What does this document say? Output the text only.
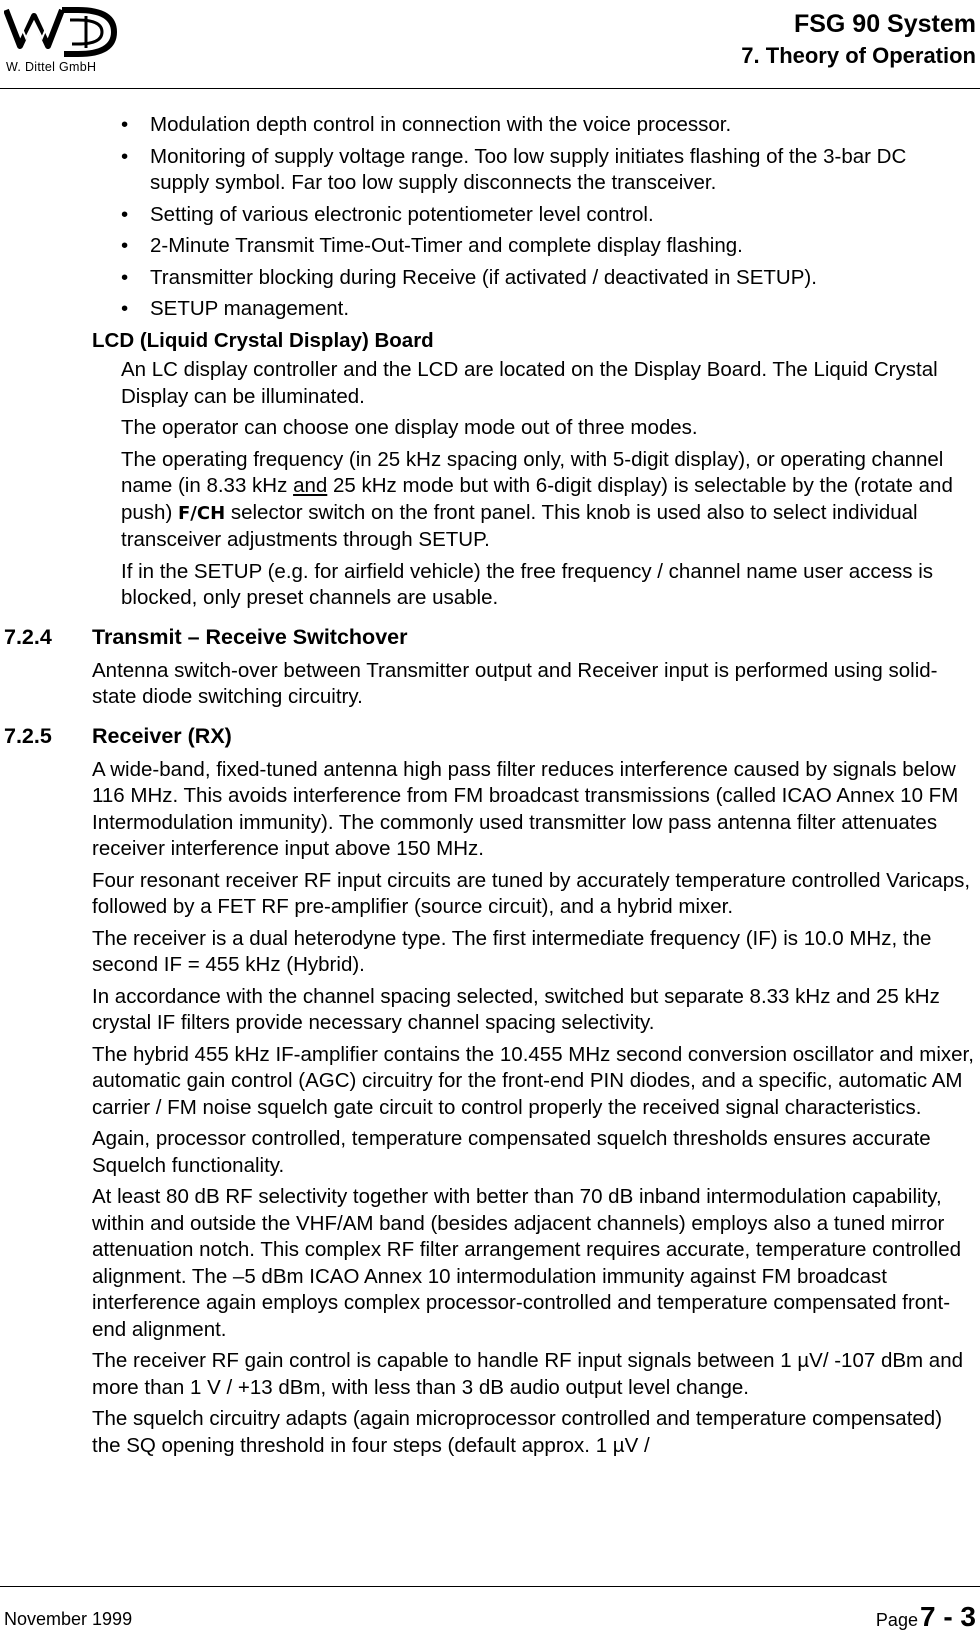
W. Dittel GmbH
FSG 90 System
7. Theory of Operation
• Modulation depth control in connection with the voice processor.
• Monitoring of supply voltage range. Too low supply initiates flashing of the 3-bar DC supply symbol. Far too low supply disconnects the transceiver.
• Setting of various electronic potentiometer level control.
• 2-Minute Transmit Time-Out-Timer and complete display flashing.
• Transmitter blocking during Receive (if activated / deactivated in SETUP).
• SETUP management.
LCD (Liquid Crystal Display) Board

An LC display controller and the LCD are located on the Display Board. The Liquid Crystal Display can be illuminated.

The operator can choose one display mode out of three modes.

The operating frequency (in 25 kHz spacing only, with 5-digit display), or operating channel name (in 8.33 kHz and 25 kHz mode but with 6-digit display) is selectable by the (rotate and push) F/CH selector switch on the front panel. This knob is used also to select individual transceiver adjustments through SETUP.

If in the SETUP (e.g. for airfield vehicle) the free frequency / channel name user access is blocked, only preset channels are usable.

7.2.4 Transmit – Receive Switchover

Antenna switch-over between Transmitter output and Receiver input is performed using solid-state diode switching circuitry.

7.2.5 Receiver (RX)

A wide-band, fixed-tuned antenna high pass filter reduces interference caused by signals below 116 MHz. This avoids interference from FM broadcast transmissions (called ICAO Annex 10 FM Intermodulation immunity). The commonly used transmitter low pass antenna filter attenuates receiver interference input above 150 MHz.

Four resonant receiver RF input circuits are tuned by accurately temperature controlled Varicaps, followed by a FET RF pre-amplifier (source circuit), and a hybrid mixer.

The receiver is a dual heterodyne type. The first intermediate frequency (IF) is 10.0 MHz, the second IF = 455 kHz (Hybrid).

In accordance with the channel spacing selected, switched but separate 8.33 kHz and 25 kHz crystal IF filters provide necessary channel spacing selectivity.

The hybrid 455 kHz IF-amplifier contains the 10.455 MHz second conversion oscillator and mixer, automatic gain control (AGC) circuitry for the front-end PIN diodes, and a specific, automatic AM carrier / FM noise squelch gate circuit to control properly the received signal characteristics.

Again, processor controlled, temperature compensated squelch thresholds ensures accurate Squelch functionality.

At least 80 dB RF selectivity together with better than 70 dB inband intermodulation capability, within and outside the VHF/AM band (besides adjacent channels) employs also a tuned mirror attenuation notch. This complex RF filter arrangement requires accurate, temperature controlled alignment. The –5 dBm ICAO Annex 10 intermodulation immunity against FM broadcast interference again employs complex processor-controlled and temperature compensated front-end alignment.

The receiver RF gain control is capable to handle RF input signals between 1 µV/ -107 dBm and more than 1 V / +13 dBm, with less than 3 dB audio output level change.

The squelch circuitry adapts (again microprocessor controlled and temperature compensated) the SQ opening threshold in four steps (default approx. 1 µV /

November 1999	Page7 - 3
